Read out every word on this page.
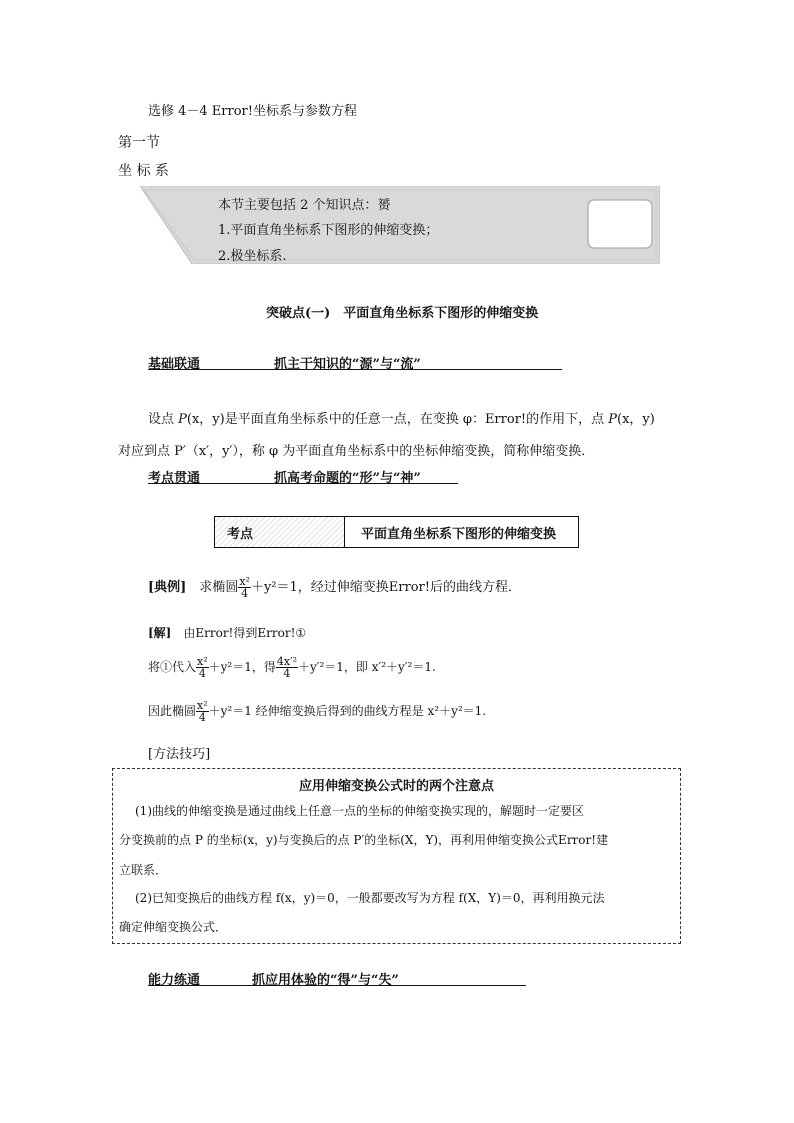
选修 4－4 Error!坐标系与参数方程
第一节
坐 标 系
本节主要包括 2 个知识点：赟
1.平面直角坐标系下图形的伸缩变换；
2.极坐标系.
突破点(一)　平面直角坐标系下图形的伸缩变换
基础联通	抓主干知识的“源”与“流”
设点 P(x，y)是平面直角坐标系中的任意一点，在变换 φ：Error!的作用下，点 P(x，y)
对应到点 P′（x′，y′），称 φ 为平面直角坐标系中的坐标伸缩变换，简称伸缩变换．
考点贯通	抓高考命题的“形”与“神”
考点	平面直角坐标系下图形的伸缩变换
[典例]　求椭圆 $\frac{\text{x²}}{4} +y^2=1$，经过伸缩变换Error!后的曲线方程．
[解]　由Error!得到Error!①
将①代入 $\frac{\text{x²}}{4} +y^2=1$，得 $\frac{\text{4x′²}}{4} +y'^2=1$，即 x′²＋y′²＝1.
因此椭圆 $\frac{\text{x²}}{4} +y^2=1$ 经伸缩变换后得到的曲线方程是 x²＋y²＝1.
[方法技巧]
应用伸缩变换公式时的两个注意点
(1)曲线的伸缩变换是通过曲线上任意一点的坐标的伸缩变换实现的，解题时一定要区
分变换前的点 P 的坐标(x，y)与变换后的点 P′的坐标(X，Y)，再利用伸缩变换公式Error!建
立联系．
(2)已知变换后的曲线方程 f(x，y)＝0，一般都要改写为方程 f(X，Y)＝0，再利用换元法
确定伸缩变换公式．
能力练通	抓应用体验的“得”与“失”
